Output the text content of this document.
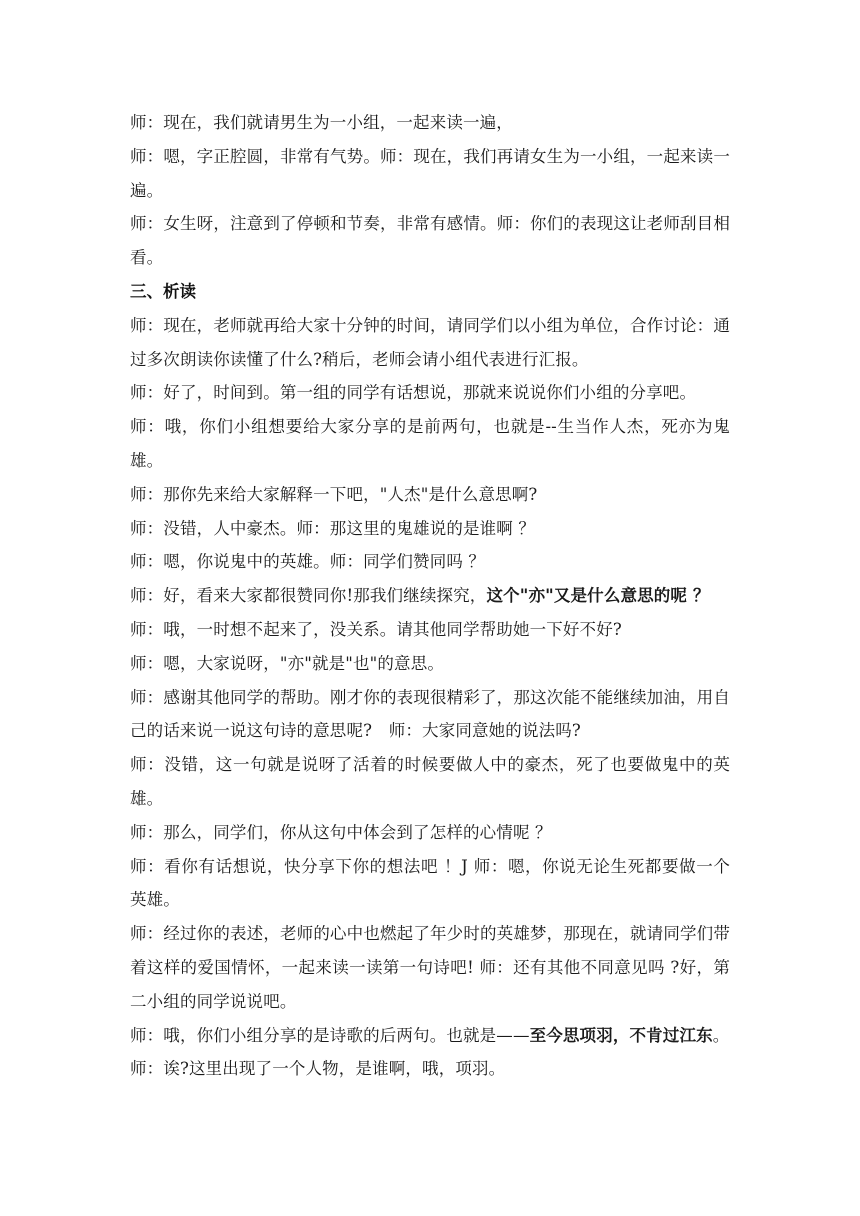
师：现在，我们就请男生为一小组，一起来读一遍，

师：嗯，字正腔圆，非常有气势。师：现在，我们再请女生为一小组，一起来读一遍。

师：女生呀，注意到了停顿和节奏，非常有感情。师：你们的表现这让老师刮目相看。

三、析读

师：现在，老师就再给大家十分钟的时间，请同学们以小组为单位，合作讨论：通过多次朗读你读懂了什么?稍后，老师会请小组代表进行汇报。

师：好了，时间到。第一组的同学有话想说，那就来说说你们小组的分享吧。

师：哦，你们小组想要给大家分享的是前两句，也就是--生当作人杰，死亦为鬼雄。

师：那你先来给大家解释一下吧，"人杰"是什么意思啊?

师：没错，人中豪杰。师：那这里的鬼雄说的是谁啊 ？

师：嗯，你说鬼中的英雄。师：同学们赞同吗 ？

师：好，看来大家都很赞同你!那我们继续探究，这个"亦"又是什么意思的呢 ？

师：哦，一时想不起来了，没关系。请其他同学帮助她一下好不好?

师：嗯，大家说呀，"亦"就是"也"的意思。

师：感谢其他同学的帮助。刚才你的表现很精彩了，那这次能不能继续加油，用自己的话来说一说这句诗的意思呢?　师：大家同意她的说法吗?

师：没错，这一句就是说呀了活着的时候要做人中的豪杰，死了也要做鬼中的英雄。

师：那么，同学们，你从这句中体会到了怎样的心情呢 ？

师：看你有话想说，快分享下你的想法吧 ！J 师：嗯，你说无论生死都要做一个英雄。

师：经过你的表述，老师的心中也燃起了年少时的英雄梦，那现在，就请同学们带着这样的爱国情怀，一起来读一读第一句诗吧! 师：还有其他不同意见吗 ?好，第二小组的同学说说吧。

师：哦，你们小组分享的是诗歌的后两句。也就是——至今思项羽，不肯过江东。

师：诶?这里出现了一个人物，是谁啊，哦，项羽。
